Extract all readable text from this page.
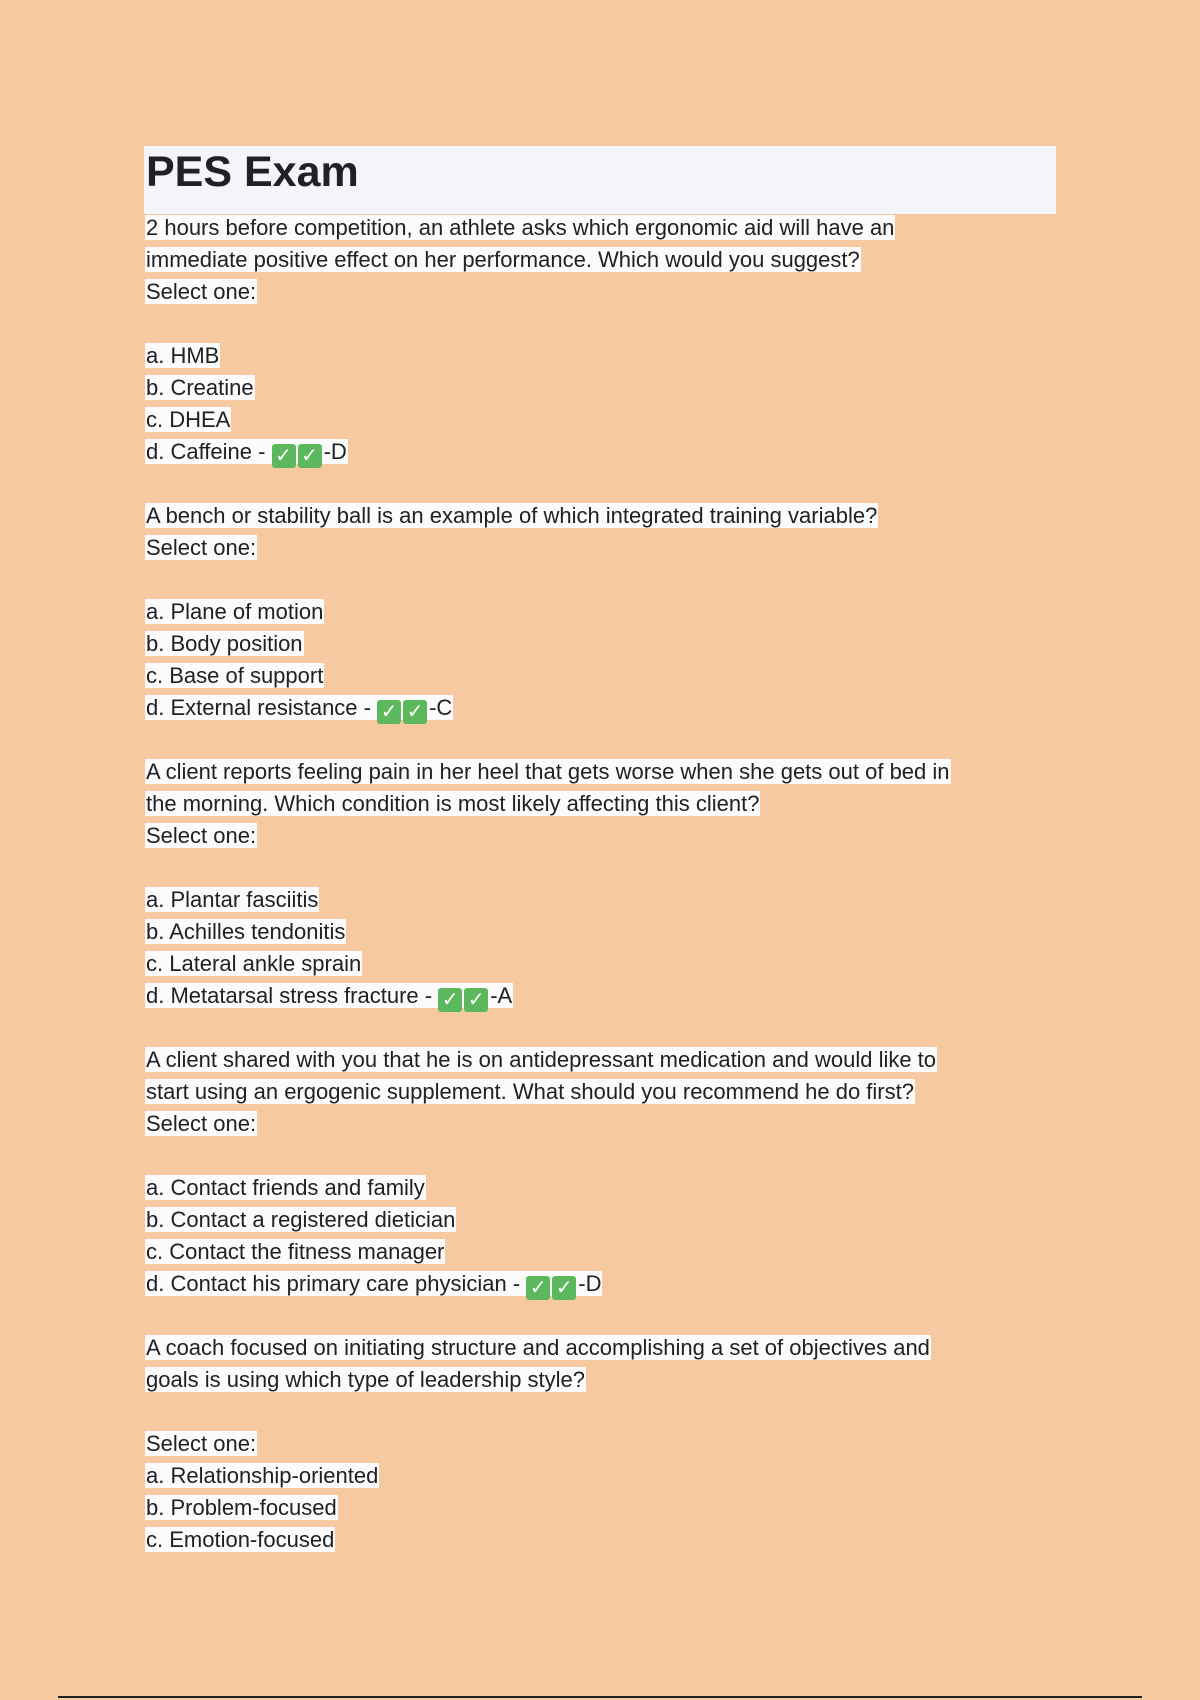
PES Exam
2 hours before competition, an athlete asks which ergonomic aid will have an
immediate positive effect on her performance. Which would you suggest?
Select one:
a. HMB
b. Creatine
c. DHEA
d. Caffeine - ✓ ✓ -D
A bench or stability ball is an example of which integrated training variable?
Select one:
a. Plane of motion
b. Body position
c. Base of support
d. External resistance - ✓ ✓ -C
A client reports feeling pain in her heel that gets worse when she gets out of bed in
the morning. Which condition is most likely affecting this client?
Select one:
a. Plantar fasciitis
b. Achilles tendonitis
c. Lateral ankle sprain
d. Metatarsal stress fracture - ✓ ✓ -A
A client shared with you that he is on antidepressant medication and would like to
start using an ergogenic supplement. What should you recommend he do first?
Select one:
a. Contact friends and family
b. Contact a registered dietician
c. Contact the fitness manager
d. Contact his primary care physician - ✓ ✓ -D
A coach focused on initiating structure and accomplishing a set of objectives and
goals is using which type of leadership style?
Select one:
a. Relationship-oriented
b. Problem-focused
c. Emotion-focused
